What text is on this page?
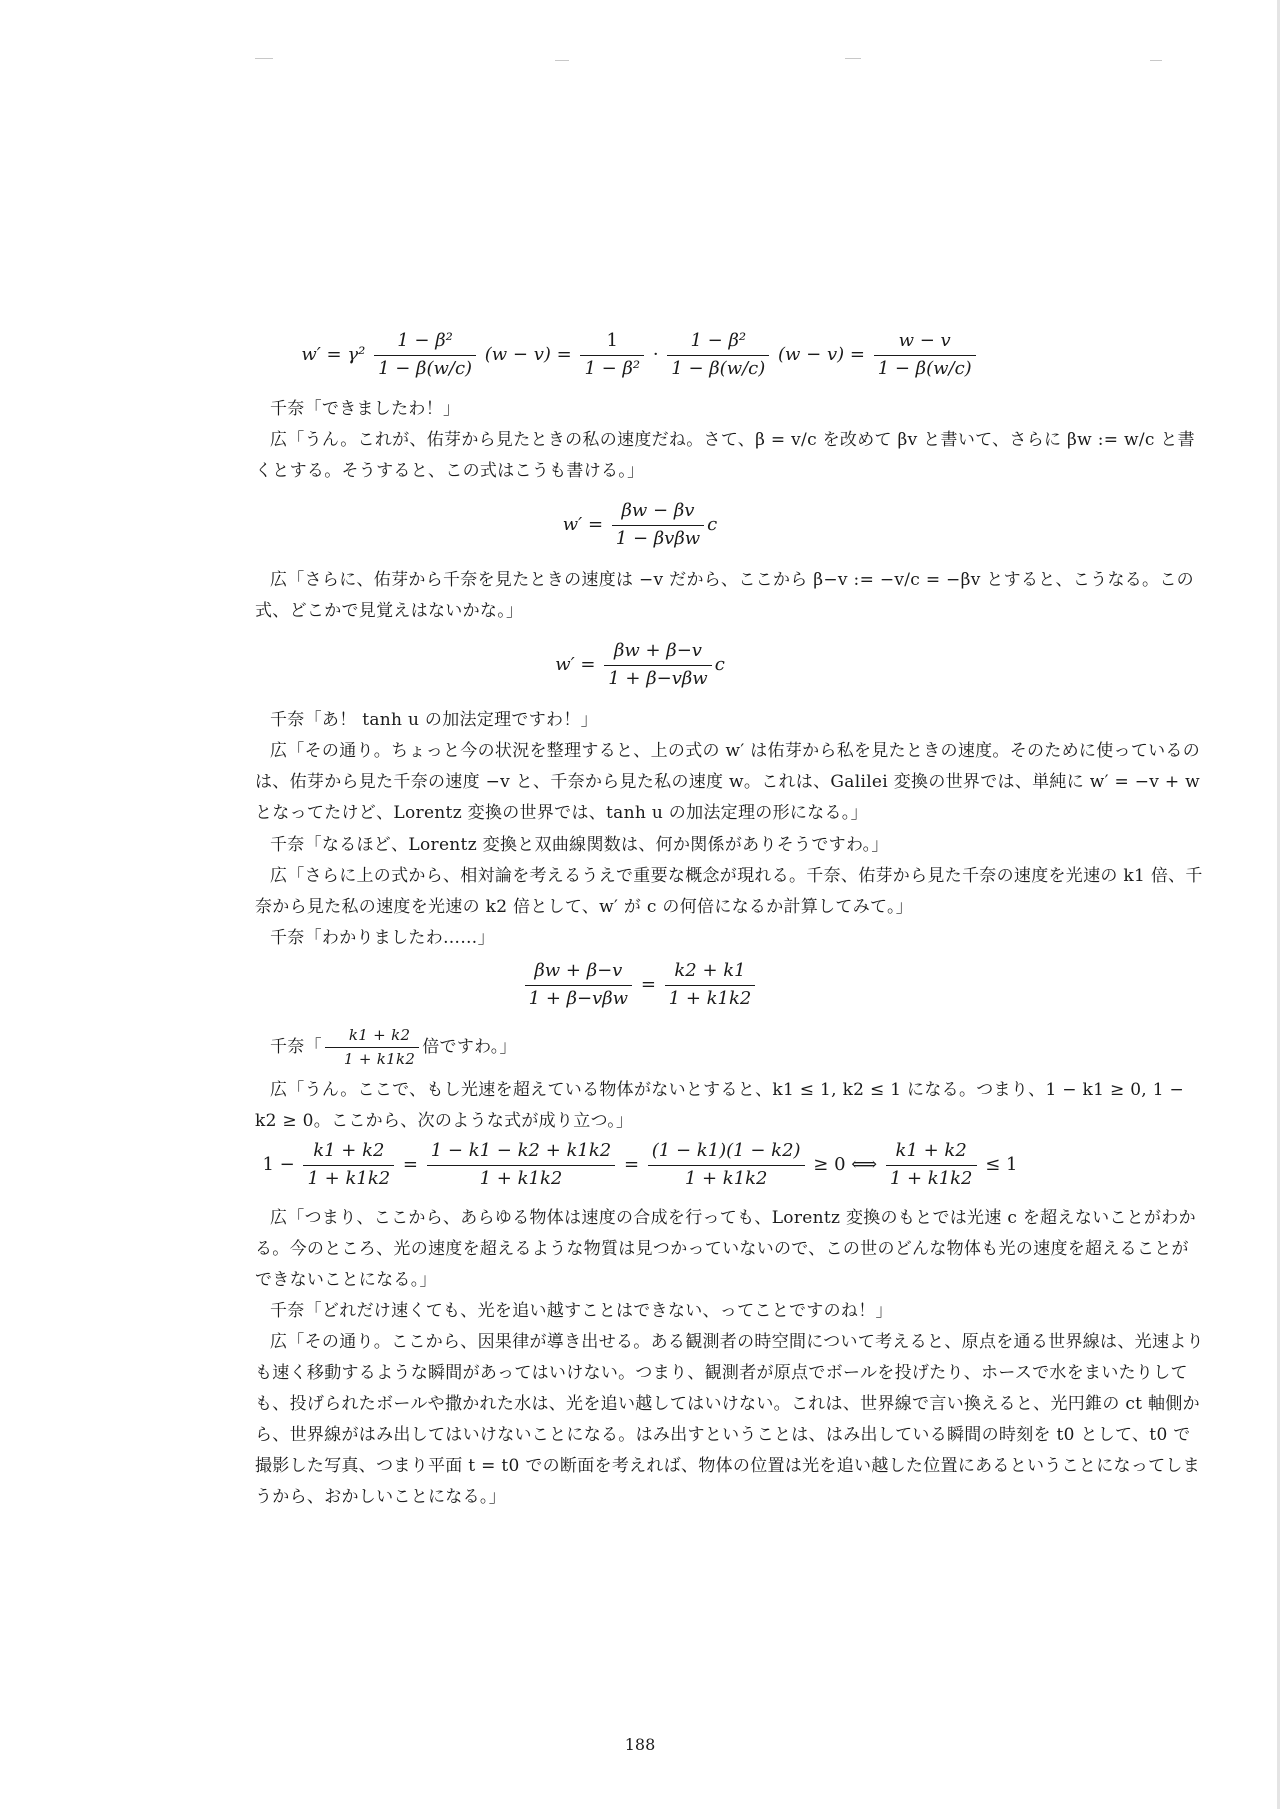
$w' = \gamma^2 \frac{\text{1 − β²}}{1 - \beta(w/c)} (w - v) = \frac{1}{\text{1 − β²}} \cdot \frac{\text{1 − β²}}{1 - \beta(w/c)} (w - v) = \frac{w - v}{1 - \beta(w/c)}$

千奈「できましたわ！」

広「うん。これが、佑芽から見たときの私の速度だね。さて、β = v/c を改めて βv と書いて、さらに βw := w/c と書くとする。そうすると、この式はこうも書ける。」

$w' = \frac{\beta w - \beta v}{\text{1 − βvβw}}$ c

広「さらに、佑芽から千奈を見たときの速度は −v だから、ここから β−v := −v/c = −βv とすると、こうなる。この式、どこかで見覚えはないかな。」

$w' = \frac{\beta w + \beta-v}{\text{1 + β−vβw}}$ c

千奈「あ！ tanh u の加法定理ですわ！」

広「その通り。ちょっと今の状況を整理すると、上の式の w′ は佑芽から私を見たときの速度。そのために使っているのは、佑芽から見た千奈の速度 −v と、千奈から見た私の速度 w。これは、Galilei 変換の世界では、単純に w′ = −v + w となってたけど、Lorentz 変換の世界では、tanh u の加法定理の形になる。」

千奈「なるほど、Lorentz 変換と双曲線関数は、何か関係がありそうですわ。」

広「さらに上の式から、相対論を考えるうえで重要な概念が現れる。千奈、佑芽から見た千奈の速度を光速の k1 倍、千奈から見た私の速度を光速の k2 倍として、w′ が c の何倍になるか計算してみて。」

千奈「わかりましたわ……」

$\frac{\beta w + \beta-v}{\text{1 + β−vβw}} = \frac{k2 + k1}{1 + k1k2}$

千奈「 $\frac{k1 + k2}{1 + k1k2}$ 倍ですわ。」

広「うん。ここで、もし光速を超えている物体がないとすると、k1 ≤ 1, k2 ≤ 1 になる。つまり、1 − k1 ≥ 0, 1 − k2 ≥ 0。ここから、次のような式が成り立つ。」

$1 - \frac{k1 + k2}{1 + k1k2} = \frac{1 - k1 - k2 + k1k2}{1 + k1k2} = \frac{(1 - k1)(1 - k2)}{1 + k1k2} \ge 0$ ⟺ $\frac{k1 + k2}{1 + k1k2} \le 1$

広「つまり、ここから、あらゆる物体は速度の合成を行っても、Lorentz 変換のもとでは光速 c を超えないことがわかる。今のところ、光の速度を超えるような物質は見つかっていないので、この世のどんな物体も光の速度を超えることができないことになる。」

千奈「どれだけ速くても、光を追い越すことはできない、ってことですのね！」

広「その通り。ここから、因果律が導き出せる。ある観測者の時空間について考えると、原点を通る世界線は、光速よりも速く移動するような瞬間があってはいけない。つまり、観測者が原点でボールを投げたり、ホースで水をまいたりしても、投げられたボールや撒かれた水は、光を追い越してはいけない。これは、世界線で言い換えると、光円錐の ct 軸側から、世界線がはみ出してはいけないことになる。はみ出すということは、はみ出している瞬間の時刻を t0 として、t0 で撮影した写真、つまり平面 t = t0 での断面を考えれば、物体の位置は光を追い越した位置にあるということになってしまうから、おかしいことになる。」

188
